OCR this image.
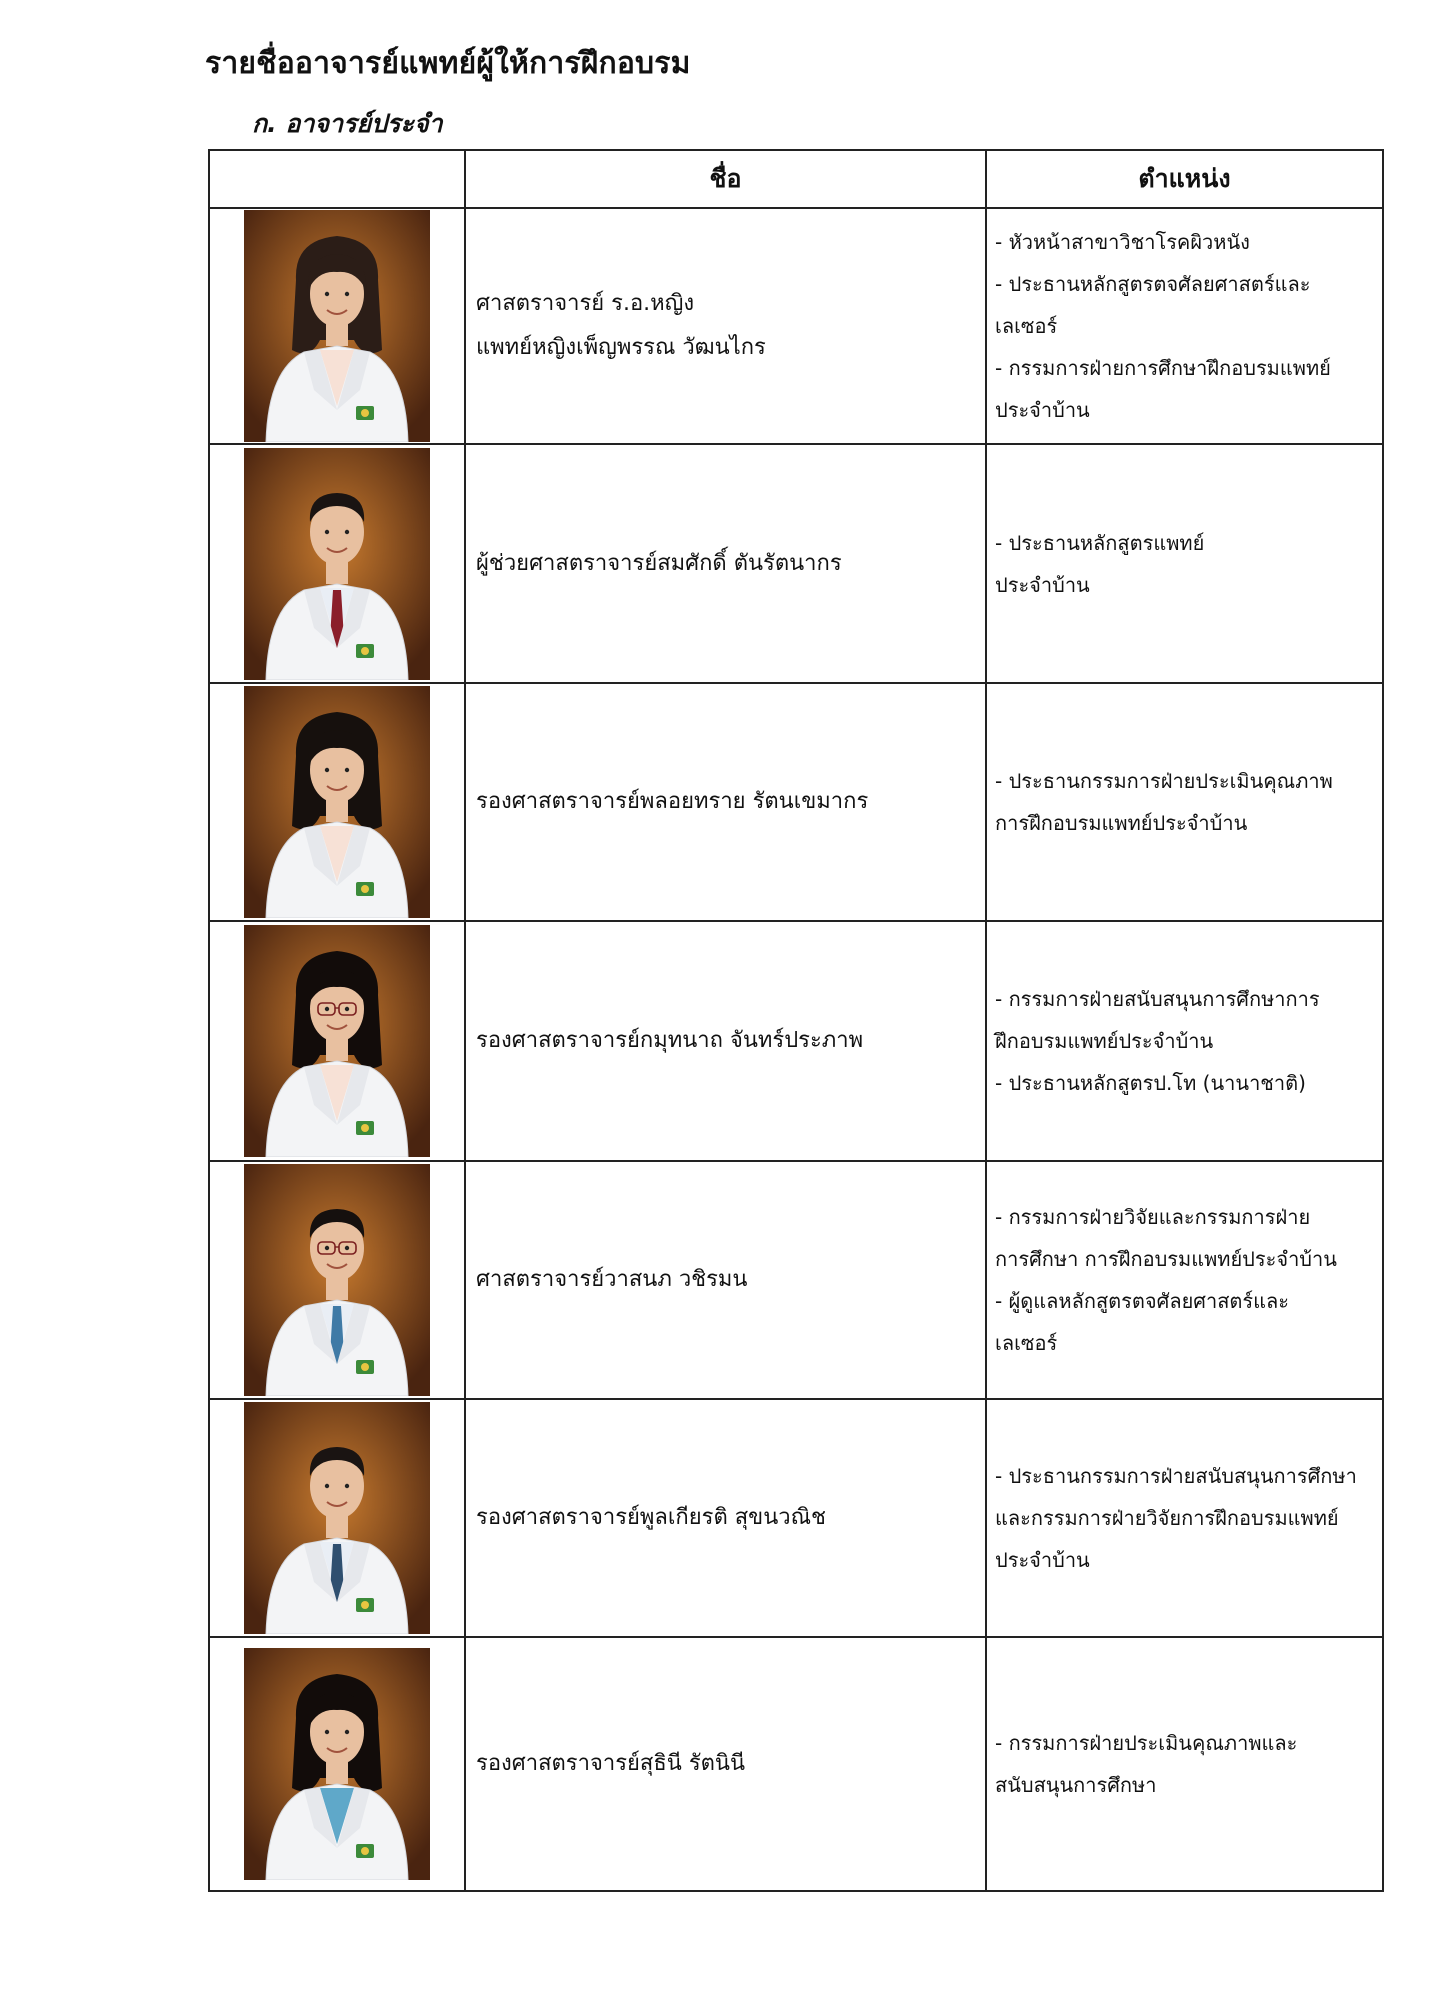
รายชื่ออาจารย์แพทย์ผู้ให้การฝึกอบรม
ก. อาจารย์ประจำ
	ชื่อ	ตำแหน่ง

ศาสตราจารย์ ร.อ.หญิง
แพทย์หญิงเพ็ญพรรณ วัฒนไกร	- หัวหน้าสาขาวิชาโรคผิวหนัง
- ประธานหลักสูตรตจศัลยศาสตร์และ
เลเซอร์
- กรรมการฝ่ายการศึกษาฝึกอบรมแพทย์
ประจำบ้าน

ผู้ช่วยศาสตราจารย์สมศักดิ์ ตันรัตนากร	- ประธานหลักสูตรแพทย์
ประจำบ้าน

รองศาสตราจารย์พลอยทราย รัตนเขมากร	- ประธานกรรมการฝ่ายประเมินคุณภาพ
การฝึกอบรมแพทย์ประจำบ้าน

รองศาสตราจารย์กมุทนาถ จันทร์ประภาพ	- กรรมการฝ่ายสนับสนุนการศึกษาการ
ฝึกอบรมแพทย์ประจำบ้าน
- ประธานหลักสูตรป.โท (นานาชาติ)

ศาสตราจารย์วาสนภ วชิรมน	- กรรมการฝ่ายวิจัยและกรรมการฝ่าย
การศึกษา การฝึกอบรมแพทย์ประจำบ้าน
- ผู้ดูแลหลักสูตรตจศัลยศาสตร์และ
เลเซอร์

รองศาสตราจารย์พูลเกียรติ สุขนวณิช	- ประธานกรรมการฝ่ายสนับสนุนการศึกษา
และกรรมการฝ่ายวิจัยการฝึกอบรมแพทย์
ประจำบ้าน

รองศาสตราจารย์สุธินี รัตนินี	- กรรมการฝ่ายประเมินคุณภาพและ
สนับสนุนการศึกษา
